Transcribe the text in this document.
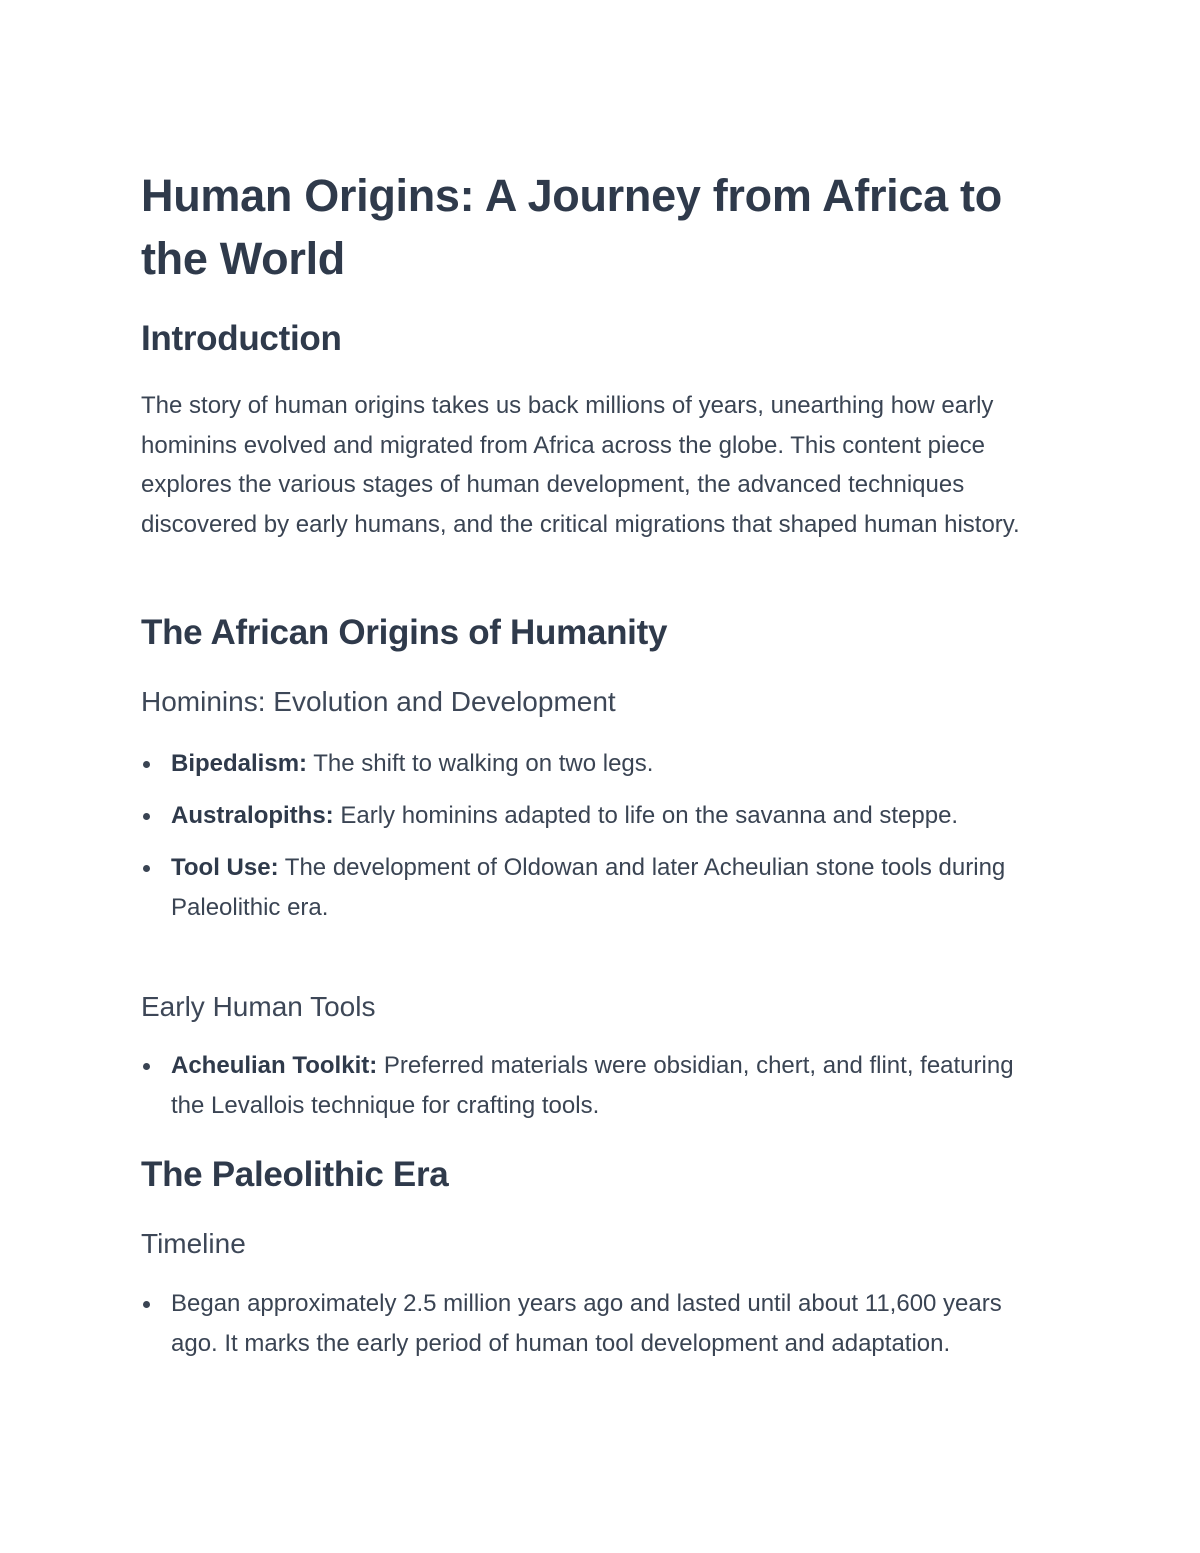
Human Origins: A Journey from Africa to the World
Introduction

The story of human origins takes us back millions of years, unearthing how early hominins evolved and migrated from Africa across the globe. This content piece explores the various stages of human development, the advanced techniques discovered by early humans, and the critical migrations that shaped human history.

The African Origins of Humanity
Hominins: Evolution and Development
Bipedalism: The shift to walking on two legs.
Australopiths: Early hominins adapted to life on the savanna and steppe.
Tool Use: The development of Oldowan and later Acheulian stone tools during Paleolithic era.
Early Human Tools
Acheulian Toolkit: Preferred materials were obsidian, chert, and flint, featuring the Levallois technique for crafting tools.
The Paleolithic Era
Timeline
Began approximately 2.5 million years ago and lasted until about 11,600 years ago. It marks the early period of human tool development and adaptation.
